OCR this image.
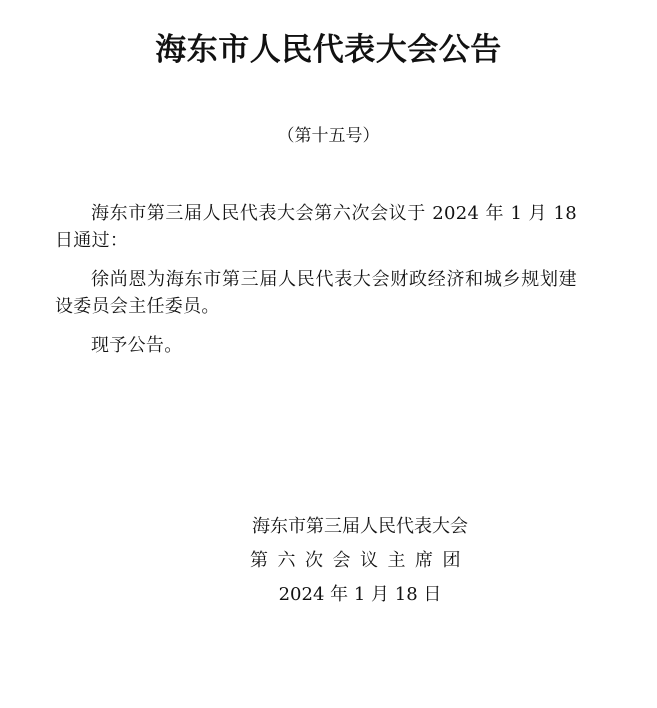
海东市人民代表大会公告
（第十五号）

海东市第三届人民代表大会第六次会议于 2024 年 1 月 18 日通过：

徐尚恩为海东市第三届人民代表大会财政经济和城乡规划建设委员会主任委员。

现予公告。

海东市第三届人民代表大会
第六次会议主席团
2024 年 1 月 18 日
